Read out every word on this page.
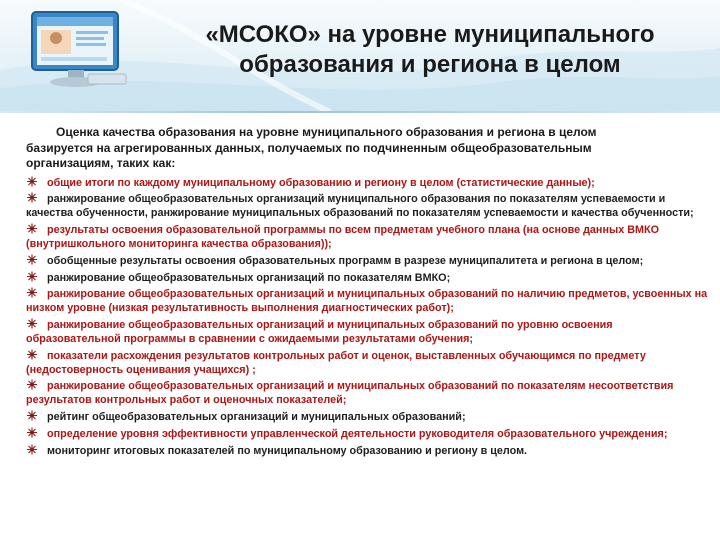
«МСОКО» на уровне муниципального
образования и региона в целом

Оценка качества образования на уровне муниципального образования и региона в целом
базируется на агрегированных данных, получаемых по подчиненным общеобразовательным
организациям, таких как:

общие итоги по каждому муниципальному образованию и региону в целом (статистические данные);
ранжирование общеобразовательных организаций муниципального образования по показателям успеваемости и качества обученности, ранжирование муниципальных образований по показателям успеваемости и качества обученности;
результаты освоения образовательной программы по всем предметам учебного плана (на основе данных ВМКО (внутришкольного мониторинга качества образования));
обобщенные результаты освоения образовательных программ в разрезе муниципалитета и региона в целом;
ранжирование общеобразовательных организаций по показателям ВМКО;
ранжирование общеобразовательных организаций и муниципальных образований по наличию предметов, усвоенных на низком уровне (низкая результативность выполнения диагностических работ);
ранжирование общеобразовательных организаций и муниципальных образований по уровню освоения образовательной программы в сравнении с ожидаемыми результатами обучения;
показатели расхождения результатов контрольных работ и оценок, выставленных обучающимся по предмету (недостоверность оценивания учащихся) ;
ранжирование общеобразовательных организаций и муниципальных образований по показателям несоответствия результатов контрольных работ и оценочных показателей;
рейтинг общеобразовательных организаций и муниципальных образований;
определение уровня эффективности управленческой деятельности руководителя образовательного учреждения;
мониторинг итоговых показателей по муниципальному образованию и региону в целом.
